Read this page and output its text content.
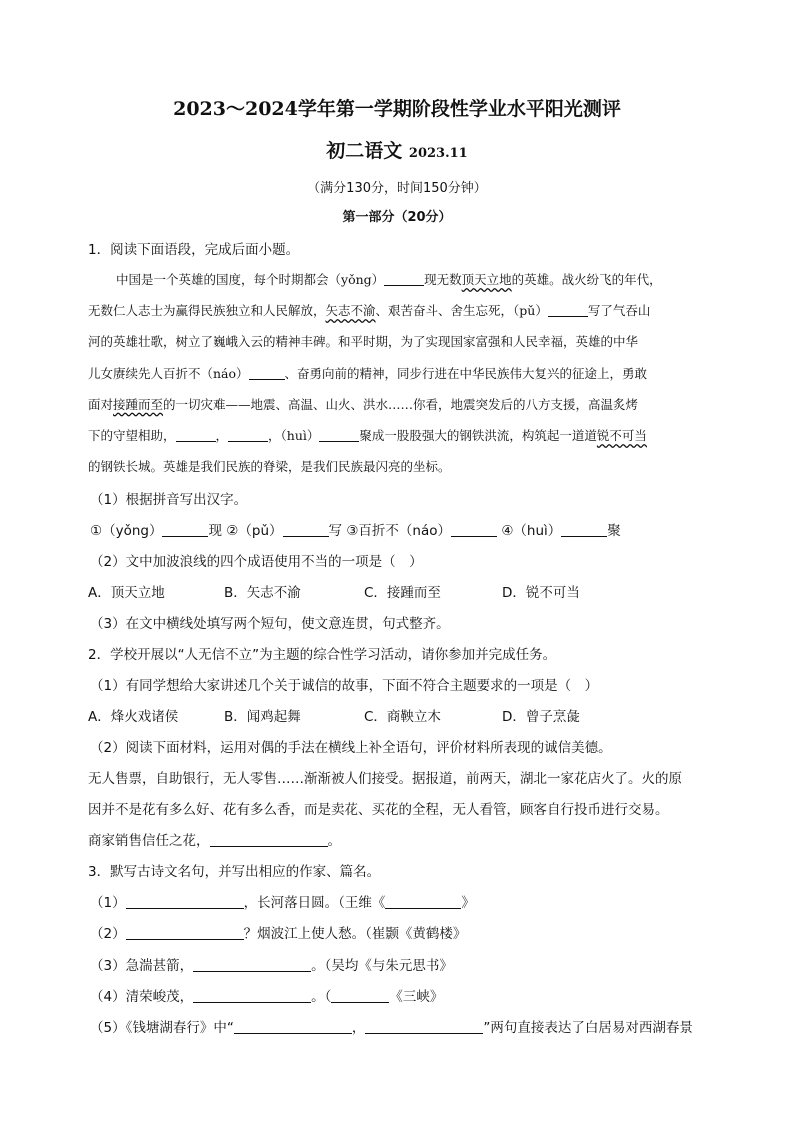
2023～2024学年第一学期阶段性学业水平阳光测评
初二语文 2023.11
（满分130分，时间150分钟）
第一部分（20分）
1．阅读下面语段，完成后面小题。
中国是一个英雄的国度，每个时期都会（yǒng）	现无数顶天立地的英雄。战火纷飞的年代，
无数仁人志士为赢得民族独立和人民解放，矢志不渝、艰苦奋斗、舍生忘死，（pǔ）	写了气吞山
河的英雄壮歌，树立了巍峨入云的精神丰碑。和平时期，为了实现国家富强和人民幸福，英雄的中华
儿女赓续先人百折不（náo）	、奋勇向前的精神，同步行进在中华民族伟大复兴的征途上，勇敢
面对接踵而至的一切灾难——地震、高温、山火、洪水……你看，地震突发后的八方支援，高温炙烤
下的守望相助，	，	，（huì）	聚成一股股强大的钢铁洪流，构筑起一道道锐不可当
的钢铁长城。英雄是我们民族的脊梁，是我们民族最闪亮的坐标。
（1）根据拼音写出汉字。
①（yǒng）	现 ②（pǔ）	写 ③百折不（náo）	④（huì）	聚
（2）文中加波浪线的四个成语使用不当的一项是（　）
A．顶天立地	B．矢志不渝	C．接踵而至	D．锐不可当
（3）在文中横线处填写两个短句，使文意连贯，句式整齐。
2．学校开展以“人无信不立”为主题的综合性学习活动，请你参加并完成任务。
（1）有同学想给大家讲述几个关于诚信的故事，下面不符合主题要求的一项是（　）
A．烽火戏诸侯	B．闻鸡起舞	C．商鞅立木	D．曾子烹彘
（2）阅读下面材料，运用对偶的手法在横线上补全语句，评价材料所表现的诚信美德。
无人售票，自助银行，无人零售……渐渐被人们接受。据报道，前两天，湖北一家花店火了。火的原
因并不是花有多么好、花有多么香，而是卖花、买花的全程，无人看管，顾客自行投币进行交易。
商家销售信任之花，	。
3．默写古诗文名句，并写出相应的作家、篇名。
（1）	，长河落日圆。（王维《	》
（2）	？烟波江上使人愁。（崔颢《黄鹤楼》
（3）急湍甚箭，	。（吴均《与朱元思书》
（4）清荣峻茂，	。（	《三峡》
（5）《钱塘湖春行》中“	，	”两句直接表达了白居易对西湖春景
